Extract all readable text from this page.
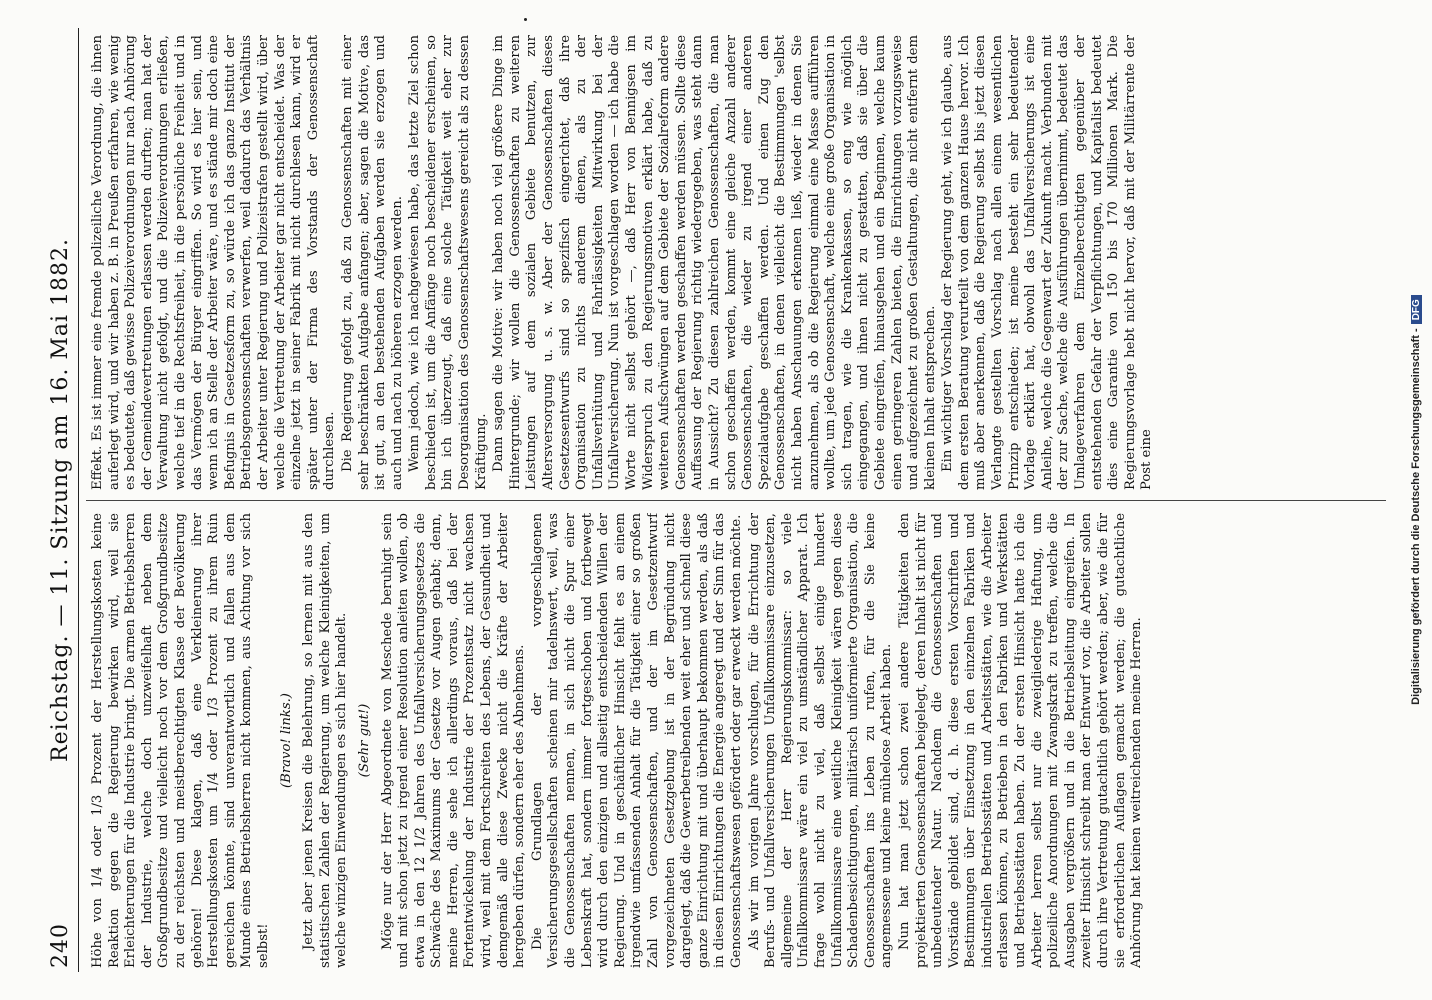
240
Reichstag. — 11. Sitzung am 16. Mai 1882. Höhe von 1/4 oder 1/3 Prozent der Herstellungskosten keine Reaktion gegen die Regierung bewirken wird, weil sie Erleichterungen für die Industrie bringt. Die armen Betriebsherren der Industrie, welche doch unzweifelhaft neben dem Großgrundbesitze und vielleicht noch vor dem Großgrundbesitze zu der reichsten und meistberechtigten Klasse der Bevölkerung gehören! Diese klagen, daß eine Verkleinerung ihrer Herstellungskosten um 1/4 oder 1/3 Prozent zu ihrem Ruin gereichen könnte, sind unverantwortlich und fallen aus dem Munde eines Betriebsherren nicht kommen, aus Achtung vor sich selbst!

(Bravo! links.) Jetzt aber jenen Kreisen die Belehrung, so lernen mit aus den statistischen Zahlen der Regierung, um welche Kleinigkeiten, um welche winzigen Einwendungen es sich hier handelt. (Sehr gut!) Möge nur der Herr Abgeordnete von Meschede beruhigt sein und mit schon jetzt zu irgend einer Resolution anleiten wollen, ob etwa in den 12 1/2 Jahren des Unfallversicherungsgesetzes die Schwäche des Maximums der Gesetze vor Augen gehabt; denn, meine Herren, die sehe ich allerdings voraus, daß bei der Fortentwickelung der Industrie der Prozentsatz nicht wachsen wird, weil mit dem Fortschreiten des Lebens, der Gesundheit und demgemäß alle diese Zwecke nicht die Kräfte der Arbeiter hergeben dürfen, sondern eher des Abnehmens. Die Grundlagen der vorgeschlagenen Versicherungsgesellschaften scheinen mir tadelnswert, weil, was die Genossenschaften nennen, in sich nicht die Spur einer Lebenskraft hat, sondern immer fortgeschoben und fortbewegt wird durch den einzigen und allseitig entscheidenden Willen der Regierung. Und in geschäftlicher Hinsicht fehlt es an einem irgendwie umfassenden Anhalt für die Tätigkeit einer so großen Zahl von Genossenschaften, und der im Gesetzentwurf vorgezeichneten Gesetzgebung ist in der Begründung nicht dargelegt, daß die Gewerbetreibenden weit eher und schnell diese ganze Einrichtung mit und überhaupt bekommen werden, als daß in diesen Einrichtungen die Energie angeregt und der Sinn für das Genossenschaftswesen gefördert oder gar erweckt werden möchte. Als wir im vorigen Jahre vorschlugen, für die Errichtung der Berufs- und Unfallversicherungen Unfallkommissare einzusetzen, allgemeine der Herr Regierungskommissar: so viele Unfallkommissare wäre ein viel zu umständlicher Apparat. Ich frage wohl nicht zu viel, daß selbst einige hundert Unfallkommissare eine weitliche Kleinigkeit wären gegen diese Schadenbesichtigungen, militärisch uniformierte Organisation, die Genossenschaften ins Leben zu rufen, für die Sie keine angemessene und keine mühelose Arbeit haben. Nun hat man jetzt schon zwei andere Tätigkeiten den projektierten Genossenschaften beigelegt, deren Inhalt ist nicht für unbedeutender Natur. Nachdem die Genossenschaften und Vorstände gebildet sind, d. h. diese ersten Vorschriften und Bestimmungen über Einsetzung in den einzelnen Fabriken und industriellen Betriebsstätten und Arbeitsstätten, wie die Arbeiter erlassen können, zu Betrieben in den Fabriken und Werkstätten und Betriebsstätten haben. Zu der ersten Hinsicht hatte ich die Arbeiter herren selbst nur die zweigliederige Haftung, um polizeiliche Anordnungen mit Zwangskraft zu treffen, welche die Ausgaben vergrößern und in die Betriebsleitung eingreifen. In zweiter Hinsicht schreibt man der Entwurf vor, die Arbeiter sollen durch ihre Vertretung gutachtlich gehört werden; aber, wie die für sie erforderlichen Auflagen gemacht werden; die gutachtliche Anhörung hat keinen weitreichenden meine Herren.

Effekt. Es ist immer eine fremde polizeiliche Verordnung, die ihnen auferlegt wird, und wir haben z. B. in Preußen erfahren, wie wenig es bedeutete, daß gewisse Polizeiverordnungen nur nach Anhörung der Gemeindevertretungen erlassen werden durften; man hat der Verwaltung nicht gefolgt, und die Polizeiverordnungen erließen, welche tief in die Rechtsfreiheit, in die persönliche Freiheit und in das Vermögen der Bürger eingriffen. So wird es hier sein, und wenn ich an Stelle der Arbeiter wäre, und es stände mir doch eine Befugnis in Gesetzesform zu, so würde ich das ganze Institut der Betriebsgenossenschaften verwerfen, weil dadurch das Verhältnis der Arbeiter unter Regierung und Polizeistrafen gestellt wird, über welche die Vertretung der Arbeiter gar nicht entscheidet. Was der einzelne jetzt in seiner Fabrik mit nicht durchlesen kann, wird er später unter der Firma des Vorstands der Genossenschaft durchlesen. Die Regierung gefolgt zu, daß zu Genossenschaften mit einer sehr beschränkten Aufgabe anfangen; aber, sagen die Motive, das ist gut, an den bestehenden Aufgaben werden sie erzogen und auch und nach zu höheren erzogen werden. Wenn jedoch, wie ich nachgewiesen habe, das letzte Ziel schon beschieden ist, um die Anfänge noch bescheidener erscheinen, so bin ich überzeugt, daß eine solche Tätigkeit weit eher zur Desorganisation des Genossenschaftswesens gereicht als zu dessen Kräftigung. Dann sagen die Motive: wir haben noch viel größere Dinge im Hintergrunde; wir wollen die Genossenschaften zu weiteren Leistungen auf dem sozialen Gebiete benutzen, zur Altersversorgung u. s. w. Aber der Genossenschaften dieses Gesetzesentwurfs sind so spezifisch eingerichtet, daß ihre Organisation zu nichts anderem dienen, als zu der Unfallsverhütung und Fahrlässigkeiten Mitwirkung bei der Unfallversicherung. Nun ist vorgeschlagen worden — ich habe die Worte nicht selbst gehört —, daß Herr von Bennigsen im Widerspruch zu den Regierungsmotiven erklärt habe, daß zu weiteren Aufschwüngen auf dem Gebiete der Sozialreform andere Genossenschaften werden geschaffen werden müssen. Sollte diese Auffassung der Regierung richtig wiedergegeben, was steht dann in Aussicht? Zu diesen zahlreichen Genossenschaften, die man schon geschaffen werden, kommt eine gleiche Anzahl anderer Genossenschaften, die wieder zu irgend einer anderen Spezialaufgabe geschaffen werden. Und einen Zug den Genossenschaften, in denen vielleicht die Bestimmungen 'selbst nicht haben Anschauungen erkennen ließ, wieder in denen Sie anzunehmen, als ob die Regierung einmal eine Masse aufführen wollte, um jede Genossenschaft, welche eine große Organisation in sich tragen, wie die Krankenkassen, so eng wie möglich eingegangen, und ihnen nicht zu gestatten, daß sie über die Gebiete eingreifen, hinausgehen und ein Beginnen, welche kaum einen geringeren Zahlen bieten, die Einrichtungen vorzugsweise und aufgezeichnet zu großen Gestaltungen, die nicht entfernt dem kleinen Inhalt entsprechen. Ein wichtiger Vorschlag der Regierung geht, wie ich glaube, aus dem ersten Beratung verurteilt von dem ganzen Hause hervor. Ich muß aber anerkennen, daß die Regierung selbst bis jetzt diesen Verlangte gestellten Vorschlag nach allen einem wesentlichen Prinzip entschieden; ist meine besteht ein sehr bedeutender Vorlage erklärt hat, obwohl das Unfallversicherungs ist eine Anleihe, welche die Gegenwart der Zukunft macht. Verbunden mit der zur Sache, welche die Ausführungen übernimmt, bedeutet das Umlageverfahren dem Einzelberechtigten gegenüber der entstehenden Gefahr der Verpflichtungen, und Kapitalist bedeutet dies eine Garantie von 150 bis 170 Millionen Mark. Die Regierungsvorlage hebt nicht hervor, daß mit der Militärrente der Post eine	Digitalisierung gefördert durch die Deutsche Forschungsgemeinschaft -DFG
